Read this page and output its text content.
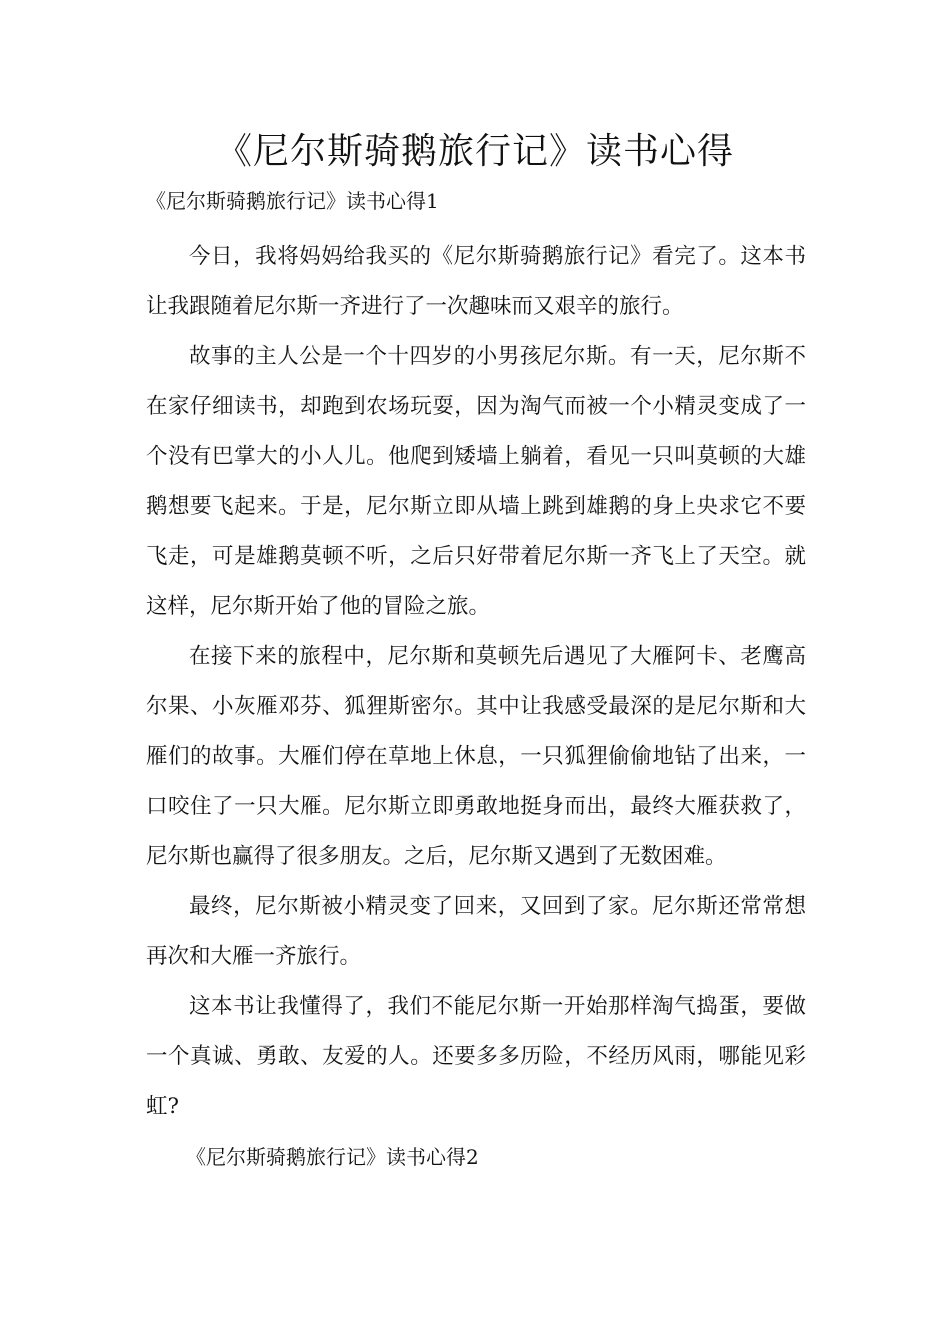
《尼尔斯骑鹅旅行记》读书心得
《尼尔斯骑鹅旅行记》读书心得1

今日，我将妈妈给我买的《尼尔斯骑鹅旅行记》看完了。这本书让我跟随着尼尔斯一齐进行了一次趣味而又艰辛的旅行。

故事的主人公是一个十四岁的小男孩尼尔斯。有一天，尼尔斯不在家仔细读书，却跑到农场玩耍，因为淘气而被一个小精灵变成了一个没有巴掌大的小人儿。他爬到矮墙上躺着，看见一只叫莫顿的大雄鹅想要飞起来。于是，尼尔斯立即从墙上跳到雄鹅的身上央求它不要飞走，可是雄鹅莫顿不听，之后只好带着尼尔斯一齐飞上了天空。就这样，尼尔斯开始了他的冒险之旅。

在接下来的旅程中，尼尔斯和莫顿先后遇见了大雁阿卡、老鹰高尔果、小灰雁邓芬、狐狸斯密尔。其中让我感受最深的是尼尔斯和大雁们的故事。大雁们停在草地上休息，一只狐狸偷偷地钻了出来，一口咬住了一只大雁。尼尔斯立即勇敢地挺身而出，最终大雁获救了，尼尔斯也赢得了很多朋友。之后，尼尔斯又遇到了无数困难。

最终，尼尔斯被小精灵变了回来，又回到了家。尼尔斯还常常想再次和大雁一齐旅行。

这本书让我懂得了，我们不能尼尔斯一开始那样淘气捣蛋，要做一个真诚、勇敢、友爱的人。还要多多历险，不经历风雨，哪能见彩虹?

《尼尔斯骑鹅旅行记》读书心得2
